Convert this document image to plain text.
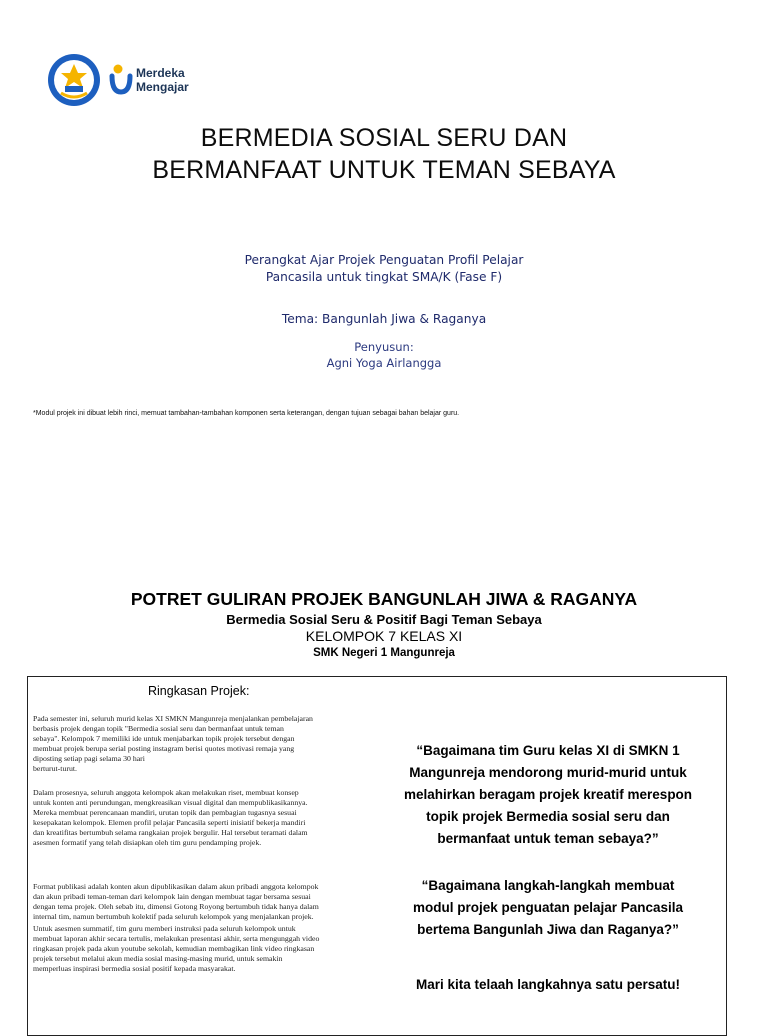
Merdeka
Mengajar
BERMEDIA SOSIAL SERU DAN
BERMANFAAT UNTUK TEMAN SEBAYA
Perangkat Ajar Projek Penguatan Profil Pelajar
Pancasila untuk tingkat SMA/K (Fase F)
Tema: Bangunlah Jiwa & Raganya
Penyusun:
Agni Yoga Airlangga
*Modul projek ini dibuat lebih rinci, memuat tambahan-tambahan komponen serta keterangan, dengan tujuan sebagai bahan belajar guru.
POTRET GULIRAN PROJEK BANGUNLAH JIWA & RAGANYA
Bermedia Sosial Seru & Positif Bagi Teman Sebaya
KELOMPOK 7 KELAS XI
SMK Negeri 1 Mangunreja
Ringkasan Projek:
Pada semester ini, seluruh murid kelas XI SMKN Mangunreja menjalankan pembelajaran
berbasis projek dengan topik "Bermedia sosial seru dan bermanfaat untuk teman
sebaya". Kelompok 7 memiliki ide untuk menjabarkan topik projek tersebut dengan
membuat projek berupa serial posting instagram berisi quotes motivasi remaja yang
diposting setiap pagi selama 30 hari
berturut-turut.
Dalam prosesnya, seluruh anggota kelompok akan melakukan riset, membuat konsep
untuk konten anti perundungan, mengkreasikan visual digital dan mempublikasikannya.
Mereka membuat perencanaan mandiri, urutan topik dan pembagian tugasnya sesuai
kesepakatan kelompok. Elemen profil pelajar Pancasila seperti inisiatif bekerja mandiri
dan kreatifitas bertumbuh selama rangkaian projek bergulir. Hal tersebut teramati dalam
asesmen formatif yang telah disiapkan oleh tim guru pendamping projek.
Format publikasi adalah konten akun dipublikasikan dalam akun pribadi anggota kelompok
dan akun pribadi teman-teman dari kelompok lain dengan membuat tagar bersama sesuai
dengan tema projek. Oleh sebab itu, dimensi Gotong Royong bertumbuh tidak hanya dalam
internal tim, namun bertumbuh kolektif pada seluruh kelompok yang menjalankan projek.
Untuk asesmen summatif, tim guru memberi instruksi pada seluruh kelompok untuk
membuat laporan akhir secara tertulis, melakukan presentasi akhir, serta mengunggah video
ringkasan projek pada akun youtube sekolah, kemudian membagikan link video ringkasan
projek tersebut melalui akun media sosial masing-masing murid, untuk semakin
memperluas inspirasi bermedia sosial positif kepada masyarakat.
“Bagaimana tim Guru kelas XI di SMKN 1
Mangunreja mendorong murid-murid untuk
melahirkan beragam projek kreatif merespon
topik projek Bermedia sosial seru dan
bermanfaat untuk teman sebaya?”
“Bagaimana langkah-langkah membuat
modul projek penguatan pelajar Pancasila
bertema Bangunlah Jiwa dan Raganya?”
Mari kita telaah langkahnya satu persatu!
